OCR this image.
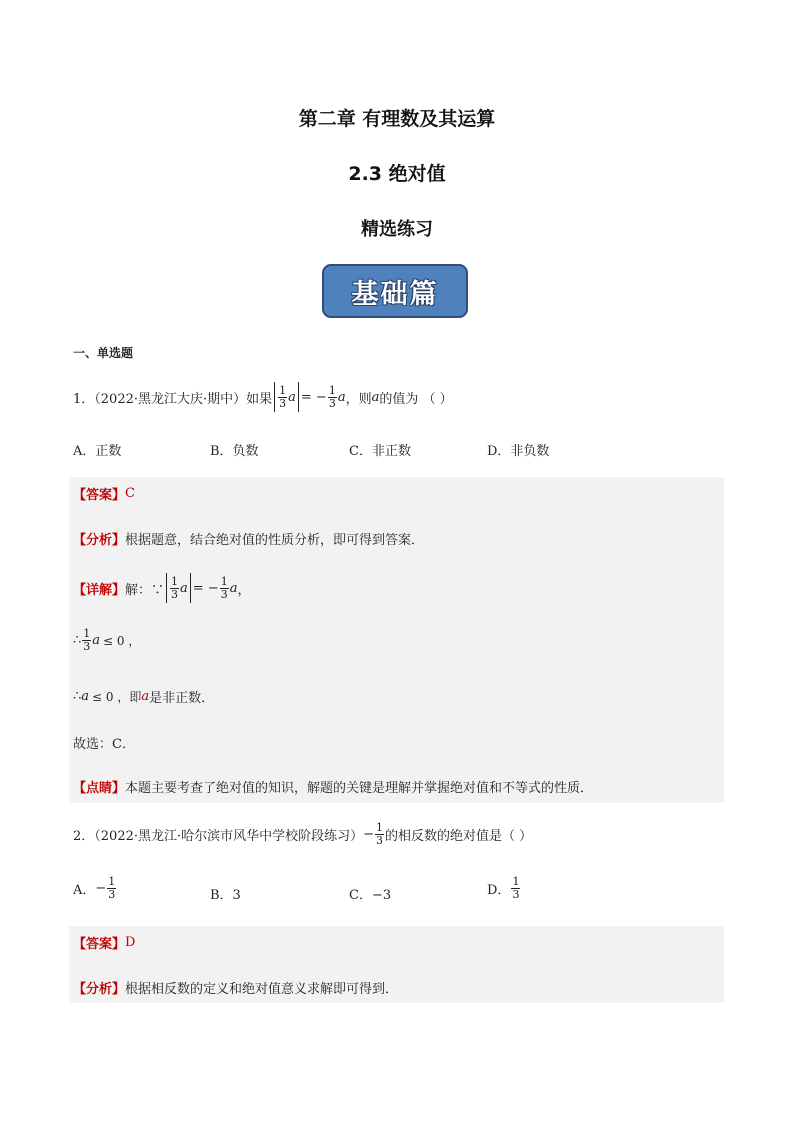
第二章 有理数及其运算
2.3 绝对值
精选练习
基础篇
一、单选题
1．（2022·黑龙江大庆·期中）如果 $\frac{1}{3}$ a = − $\frac{1}{3}$ a ，则 a 的值为 （ ）
A．正数	B．负数	C．非正数	D．非负数
【答案】 C
【分析】 根据题意，结合绝对值的性质分析，即可得到答案．
【详解】 解：∵ $\frac{1}{3}$ a = − $\frac{1}{3}$ a ，
∴ $\frac{1}{3}$ a ≤ 0 ，
∴ a ≤ 0 ，即 a 是非正数．
故选：C．
【点睛】 本题主要考查了绝对值的知识，解题的关键是理解并掌握绝对值和不等式的性质．
2．（2022·黑龙江·哈尔滨市风华中学校阶段练习） − $\frac{1}{3}$ 的相反数的绝对值是（ ）
A． − $\frac{1}{3}$	B．3	C．−3	D． $\frac{1}{3}$
【答案】 D
【分析】 根据相反数的定义和绝对值意义求解即可得到．
